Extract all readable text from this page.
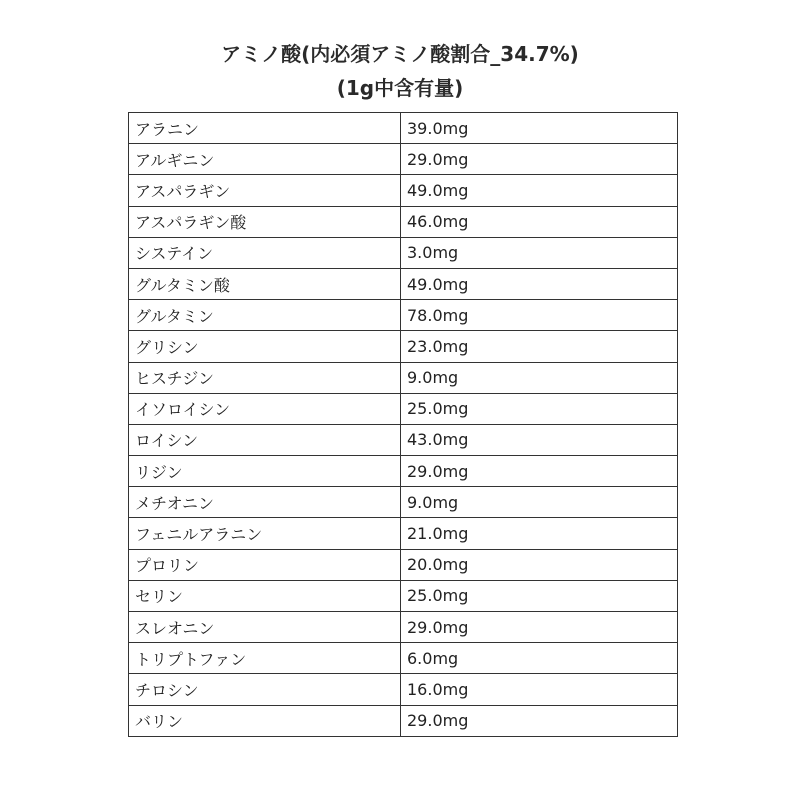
アミノ酸(内必須アミノ酸割合_34.7%)
(1g中含有量)
アラニン	39.0mg
アルギニン	29.0mg
アスパラギン	49.0mg
アスパラギン酸	46.0mg
システイン	3.0mg
グルタミン酸	49.0mg
グルタミン	78.0mg
グリシン	23.0mg
ヒスチジン	9.0mg
イソロイシン	25.0mg
ロイシン	43.0mg
リジン	29.0mg
メチオニン	9.0mg
フェニルアラニン	21.0mg
プロリン	20.0mg
セリン	25.0mg
スレオニン	29.0mg
トリプトファン	6.0mg
チロシン	16.0mg
バリン	29.0mg
